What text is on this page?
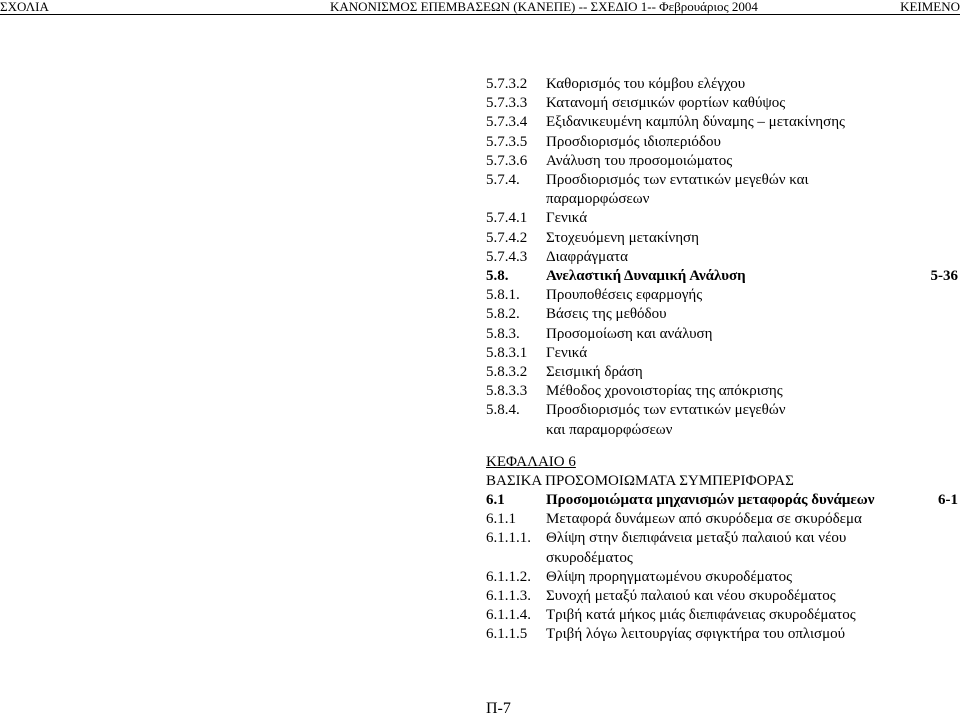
ΣΧΟΛΙΑ	ΚΑΝΟΝΙΣΜΟΣ ΕΠΕΜΒΑΣΕΩΝ (ΚΑΝΕΠΕ) -- ΣΧΕΔΙΟ 1-- Φεβρουάριος 2004	ΚΕΙΜΕΝΟ
5.7.3.2 Καθορισμός του κόμβου ελέγχου
5.7.3.3 Κατανομή σεισμικών φορτίων καθύψος
5.7.3.4 Εξιδανικευμένη καμπύλη δύναμης – μετακίνησης
5.7.3.5 Προσδιορισμός ιδιοπεριόδου
5.7.3.6 Ανάλυση του προσομοιώματος
5.7.4. Προσδιορισμός των εντατικών μεγεθών και
παραμορφώσεων
5.7.4.1 Γενικά
5.7.4.2 Στοχευόμενη μετακίνηση
5.7.4.3 Διαφράγματα
5.8.	Ανελαστική Δυναμική Ανάλυση	5-36
5.8.1. Προυποθέσεις εφαρμογής
5.8.2. Βάσεις της μεθόδου
5.8.3. Προσομοίωση και ανάλυση
5.8.3.1 Γενικά
5.8.3.2 Σεισμική δράση
5.8.3.3 Μέθοδος χρονοιστορίας της απόκρισης
5.8.4. Προσδιορισμός των εντατικών μεγεθών
και παραμορφώσεων
6.1	Προσομοιώματα μηχανισμών μεταφοράς δυνάμεων	6-1
6.1.1 Μεταφορά δυνάμεων από σκυρόδεμα σε σκυρόδεμα
6.1.1.1. Θλίψη στην διεπιφάνεια μεταξύ παλαιού και νέου
σκυροδέματος
6.1.1.2. Θλίψη προρηγματωμένου σκυροδέματος
6.1.1.3. Συνοχή μεταξύ παλαιού και νέου σκυροδέματος
6.1.1.4. Τριβή κατά μήκος μιάς διεπιφάνειας σκυροδέματος
6.1.1.5 Τριβή λόγω λειτουργίας σφιγκτήρα του οπλισμού
ΚΕΦΑΛΑΙΟ 6
ΒΑΣΙΚΑ ΠΡΟΣΟΜΟΙΩΜΑΤΑ ΣΥΜΠΕΡΙΦΟΡΑΣ
Π-7
